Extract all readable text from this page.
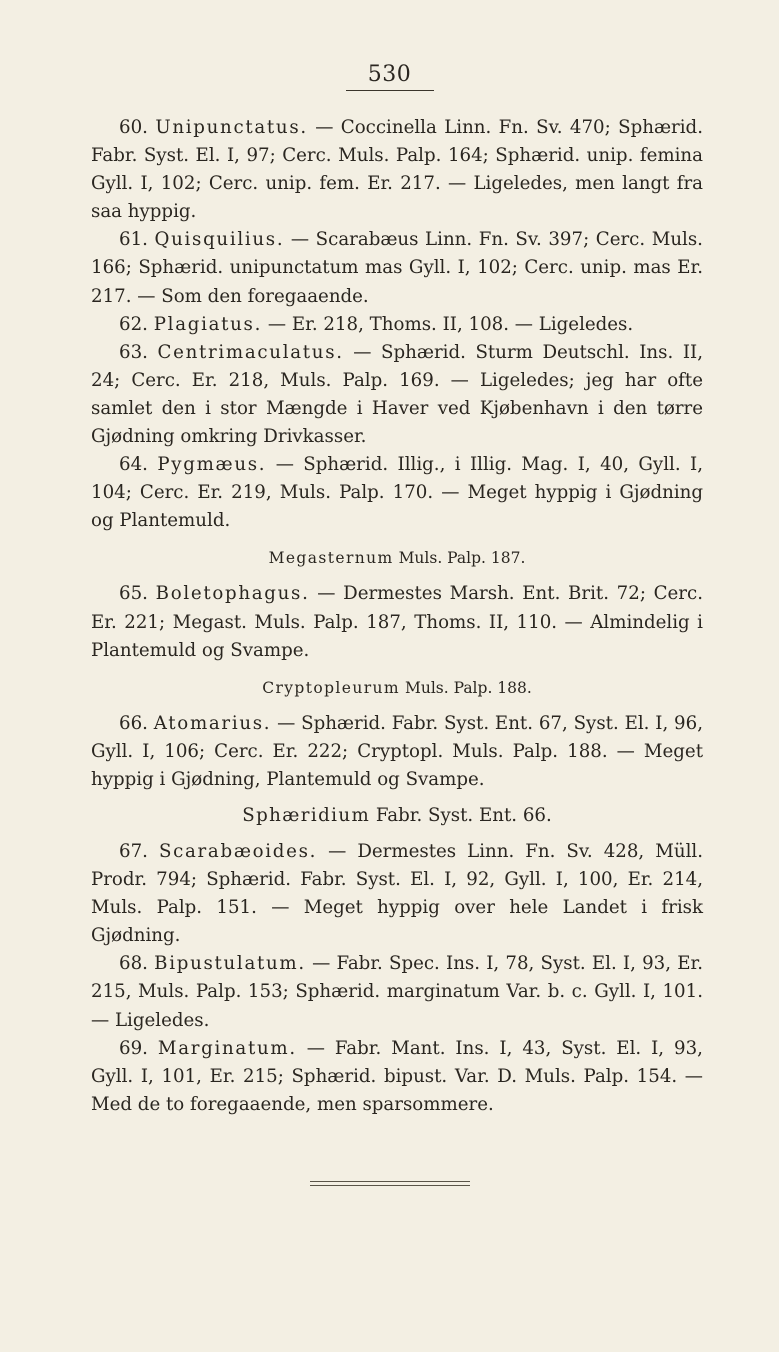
530

60. Unipunctatus. — Coccinella Linn. Fn. Sv. 470; Sphærid. Fabr. Syst. El. I, 97; Cerc. Muls. Palp. 164; Sphærid. unip. femina Gyll. I, 102; Cerc. unip. fem. Er. 217. — Ligeledes, men langt fra saa hyppig.

61. Quisquilius. — Scarabæus Linn. Fn. Sv. 397; Cerc. Muls. 166; Sphærid. unipunctatum mas Gyll. I, 102; Cerc. unip. mas Er. 217. — Som den foregaaende.

62. Plagiatus. — Er. 218, Thoms. II, 108. — Ligeledes.

63. Centrimaculatus. — Sphærid. Sturm Deutschl. Ins. II, 24; Cerc. Er. 218, Muls. Palp. 169. — Ligeledes; jeg har ofte samlet den i stor Mængde i Haver ved Kjøbenhavn i den tørre Gjødning omkring Drivkasser.

64. Pygmæus. — Sphærid. Illig., i Illig. Mag. I, 40, Gyll. I, 104; Cerc. Er. 219, Muls. Palp. 170. — Meget hyppig i Gjødning og Plantemuld.

Megasternum Muls. Palp. 187.

65. Boletophagus. — Dermestes Marsh. Ent. Brit. 72; Cerc. Er. 221; Megast. Muls. Palp. 187, Thoms. II, 110. — Almindelig i Plantemuld og Svampe.

Cryptopleurum Muls. Palp. 188.

66. Atomarius. — Sphærid. Fabr. Syst. Ent. 67, Syst. El. I, 96, Gyll. I, 106; Cerc. Er. 222; Cryptopl. Muls. Palp. 188. — Meget hyppig i Gjødning, Plantemuld og Svampe.

Sphæridium Fabr. Syst. Ent. 66.

67. Scarabæoides. — Dermestes Linn. Fn. Sv. 428, Müll. Prodr. 794; Sphærid. Fabr. Syst. El. I, 92, Gyll. I, 100, Er. 214, Muls. Palp. 151. — Meget hyppig over hele Landet i frisk Gjødning.

68. Bipustulatum. — Fabr. Spec. Ins. I, 78, Syst. El. I, 93, Er. 215, Muls. Palp. 153; Sphærid. marginatum Var. b. c. Gyll. I, 101. — Ligeledes.

69. Marginatum. — Fabr. Mant. Ins. I, 43, Syst. El. I, 93, Gyll. I, 101, Er. 215; Sphærid. bipust. Var. D. Muls. Palp. 154. — Med de to foregaaende, men sparsommere.
